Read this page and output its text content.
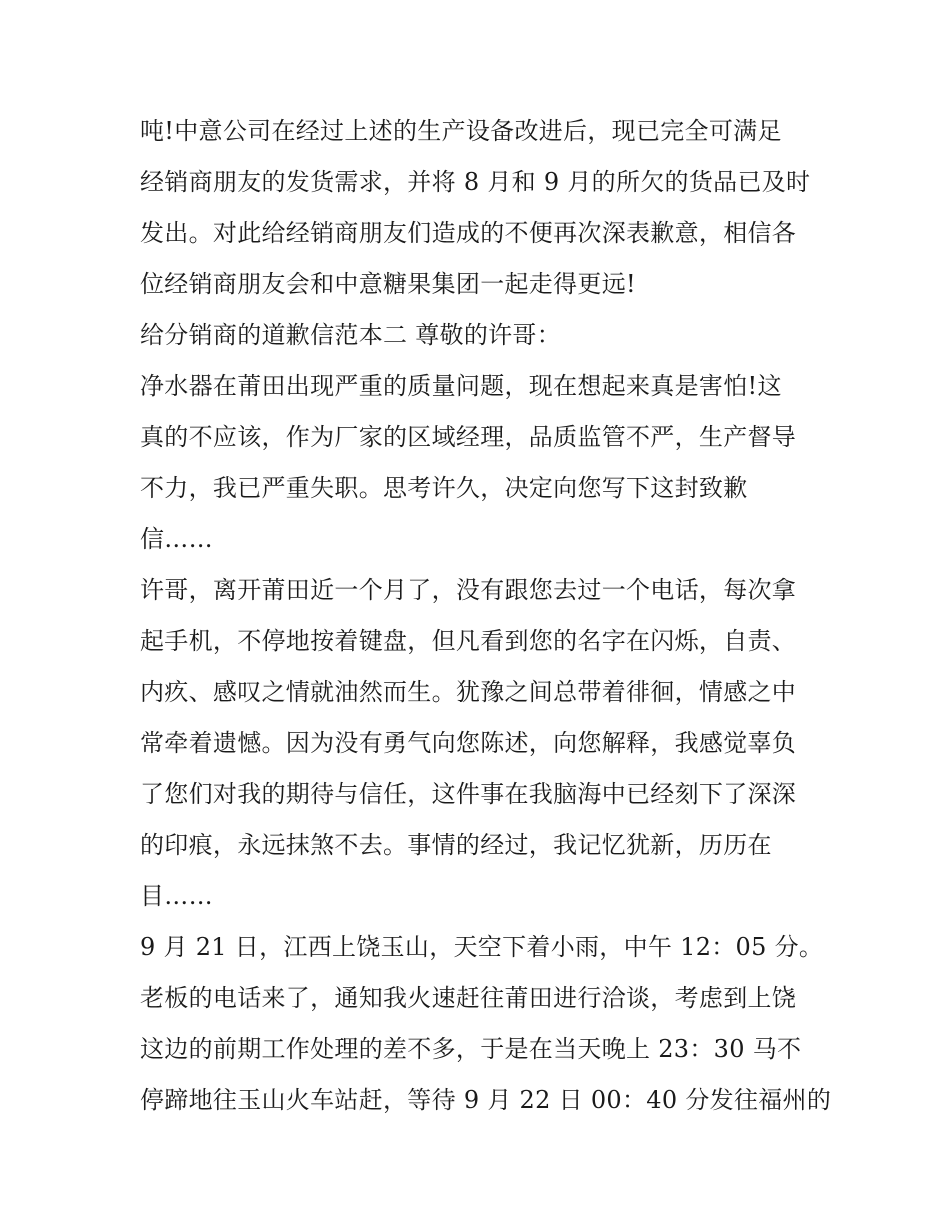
吨!中意公司在经过上述的生产设备改进后，现已完全可满足
经销商朋友的发货需求，并将 8 月和 9 月的所欠的货品已及时
发出。对此给经销商朋友们造成的不便再次深表歉意，相信各
位经销商朋友会和中意糖果集团一起走得更远!
给分销商的道歉信范本二 尊敬的许哥：
净水器在莆田出现严重的质量问题，现在想起来真是害怕!这
真的不应该，作为厂家的区域经理，品质监管不严，生产督导
不力，我已严重失职。思考许久，决定向您写下这封致歉
信……
许哥，离开莆田近一个月了，没有跟您去过一个电话，每次拿
起手机，不停地按着键盘，但凡看到您的名字在闪烁，自责、
内疚、感叹之情就油然而生。犹豫之间总带着徘徊，情感之中
常牵着遗憾。因为没有勇气向您陈述，向您解释，我感觉辜负
了您们对我的期待与信任，这件事在我脑海中已经刻下了深深
的印痕，永远抹煞不去。事情的经过，我记忆犹新，历历在
目……
9 月 21 日，江西上饶玉山，天空下着小雨，中午 12：05 分。
老板的电话来了，通知我火速赶往莆田进行洽谈，考虑到上饶
这边的前期工作处理的差不多，于是在当天晚上 23：30 马不
停蹄地往玉山火车站赶，等待 9 月 22 日 00：40 分发往福州的
